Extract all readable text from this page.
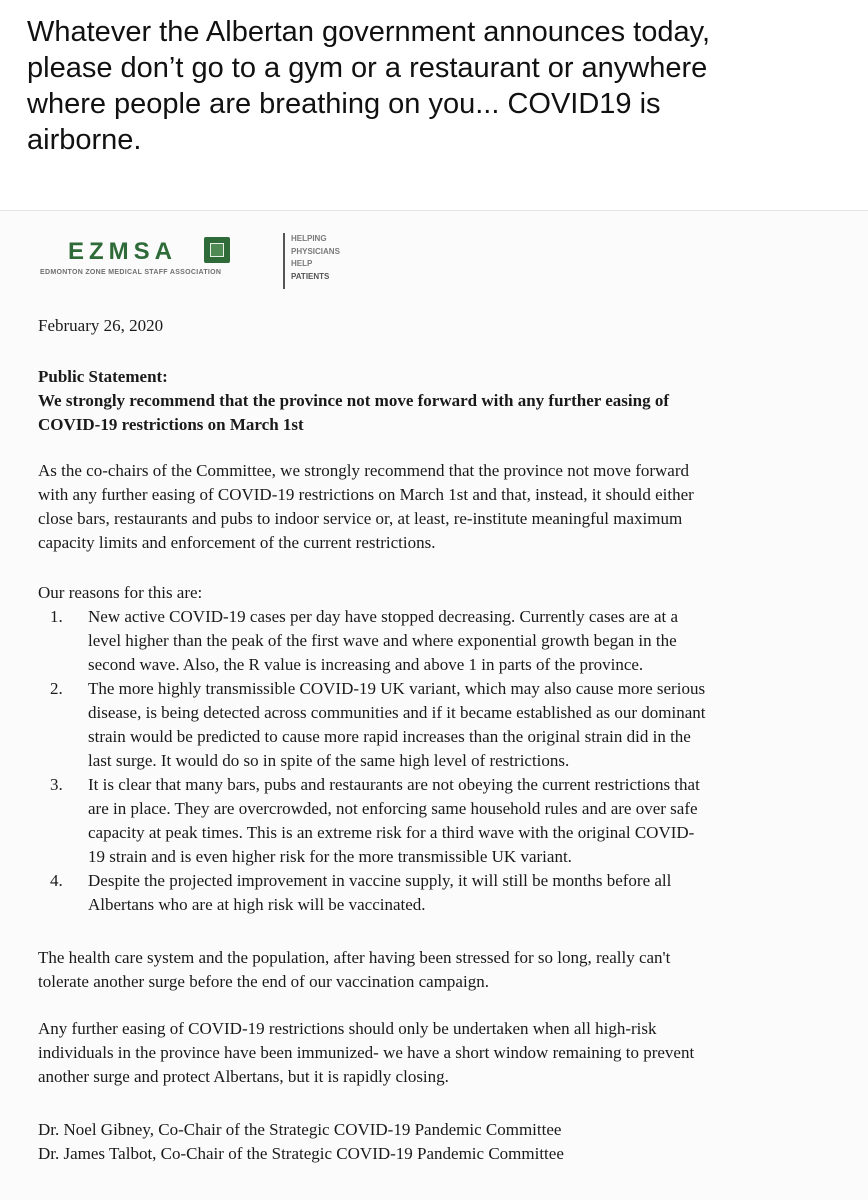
Whatever the Albertan government announces today,
please don’t go to a gym or a restaurant or anywhere
where people are breathing on you... COVID19 is
airborne.
EZMSA
EDMONTON ZONE MEDICAL STAFF ASSOCIATION
HELPING
PHYSICIANS
HELP
PATIENTS
February 26, 2020
Public Statement:
We strongly recommend that the province not move forward with any further easing of
COVID-19 restrictions on March 1st
As the co-chairs of the Committee, we strongly recommend that the province not move forward
with any further easing of COVID-19 restrictions on March 1st and that, instead, it should either
close bars, restaurants and pubs to indoor service or, at least, re-institute meaningful maximum
capacity limits and enforcement of the current restrictions.
Our reasons for this are:
1. New active COVID-19 cases per day have stopped decreasing. Currently cases are at a
level higher than the peak of the first wave and where exponential growth began in the
second wave. Also, the R value is increasing and above 1 in parts of the province.
2. The more highly transmissible COVID-19 UK variant, which may also cause more serious
disease, is being detected across communities and if it became established as our dominant
strain would be predicted to cause more rapid increases than the original strain did in the
last surge. It would do so in spite of the same high level of restrictions.
3. It is clear that many bars, pubs and restaurants are not obeying the current restrictions that
are in place. They are overcrowded, not enforcing same household rules and are over safe
capacity at peak times. This is an extreme risk for a third wave with the original COVID-
19 strain and is even higher risk for the more transmissible UK variant.
4. Despite the projected improvement in vaccine supply, it will still be months before all
Albertans who are at high risk will be vaccinated.
The health care system and the population, after having been stressed for so long, really can't
tolerate another surge before the end of our vaccination campaign.
Any further easing of COVID-19 restrictions should only be undertaken when all high-risk
individuals in the province have been immunized- we have a short window remaining to prevent
another surge and protect Albertans, but it is rapidly closing.
Dr. Noel Gibney, Co-Chair of the Strategic COVID-19 Pandemic Committee
Dr. James Talbot, Co-Chair of the Strategic COVID-19 Pandemic Committee
